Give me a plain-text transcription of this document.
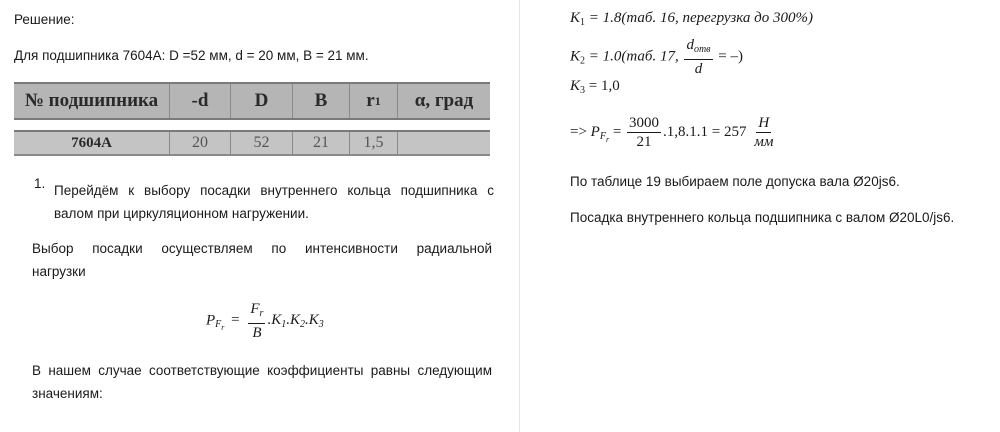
Решение:
Для подшипника 7604А: D =52 мм, d = 20 мм, B = 21 мм.
№ подшипника	-d	D	B	r 1	α, град
7604А	20	52	21	1,5
1. Перейдём к выбору посадки внутреннего кольца подшипника с
валом при циркуляционном нагружении.
Выбор посадки осуществляем по интенсивности радиальной
нагрузки
$P_{F_r} = \frac{F_r}{B} .K_1.K_2.K_3$
В нашем случае соответствующие коэффициенты равны следующим
значениям:
$K_1 = 1.8(таб$. 16, перегрузка до 300%)
$K_2 = 1.0(таб$. 17, $\frac{d_{отв}}{d}$ = –)
$K_3 = 1,0$
=> $P_{F_r} = \frac{3000}{21} .1,8.1.1 = 257 \frac{Н}{мм}$
По таблице 19 выбираем поле допуска вала Ø20js6.
Посадка внутреннего кольца подшипника с валом Ø20L0/js6.
